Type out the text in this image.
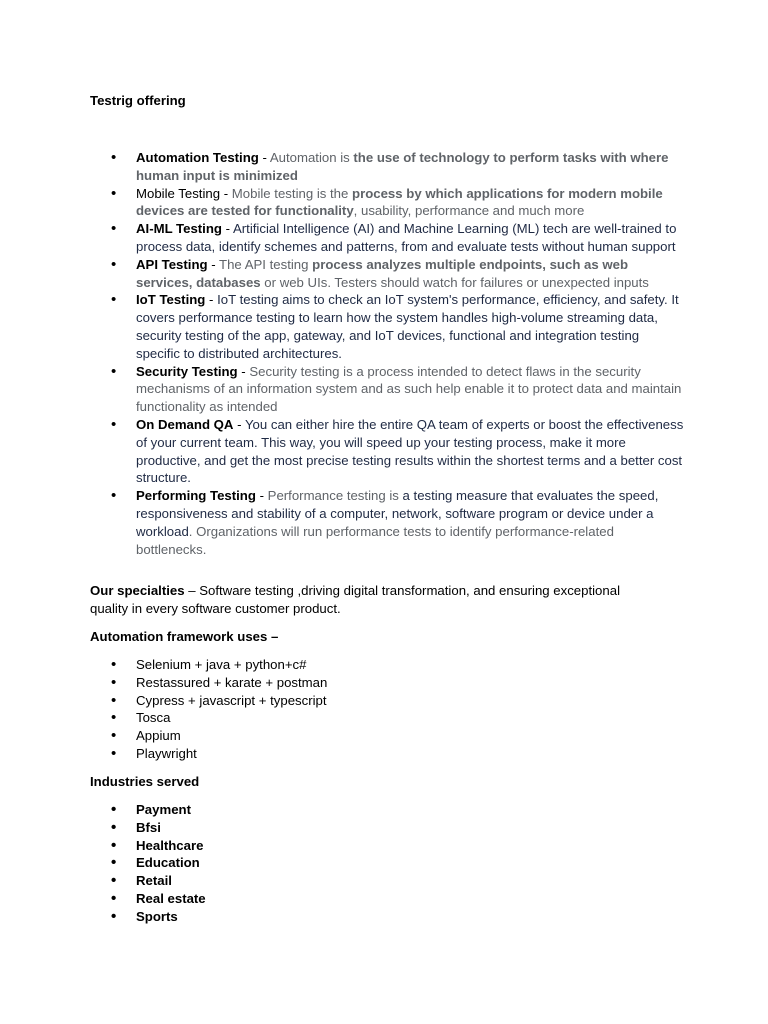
Testrig offering
• Automation Testing - Automation is the use of technology to perform tasks with where human input is minimized
• Mobile Testing - Mobile testing is the process by which applications for modern mobile devices are tested for functionality, usability, performance and much more
• AI-ML Testing - Artificial Intelligence (AI) and Machine Learning (ML) tech are well-trained to process data, identify schemes and patterns, from and evaluate tests without human support
• API Testing - The API testing process analyzes multiple endpoints, such as web services, databases or web UIs. Testers should watch for failures or unexpected inputs
• IoT Testing - IoT testing aims to check an IoT system's performance, efficiency, and safety. It covers performance testing to learn how the system handles high-volume streaming data, security testing of the app, gateway, and IoT devices, functional and integration testing specific to distributed architectures.
• Security Testing - Security testing is a process intended to detect flaws in the security mechanisms of an information system and as such help enable it to protect data and maintain functionality as intended
• On Demand QA - You can either hire the entire QA team of experts or boost the effectiveness of your current team. This way, you will speed up your testing process, make it more productive, and get the most precise testing results within the shortest terms and a better cost structure.
• Performing Testing - Performance testing is a testing measure that evaluates the speed, responsiveness and stability of a computer, network, software program or device under a workload. Organizations will run performance tests to identify performance-related bottlenecks.
Our specialties – Software testing ,driving digital transformation, and ensuring exceptional quality in every software customer product.
Automation framework uses –
• Selenium + java + python+c#
• Restassured + karate + postman
• Cypress + javascript + typescript
• Tosca
• Appium
• Playwright
Industries served
• Payment
• Bfsi
• Healthcare
• Education
• Retail
• Real estate
• Sports
